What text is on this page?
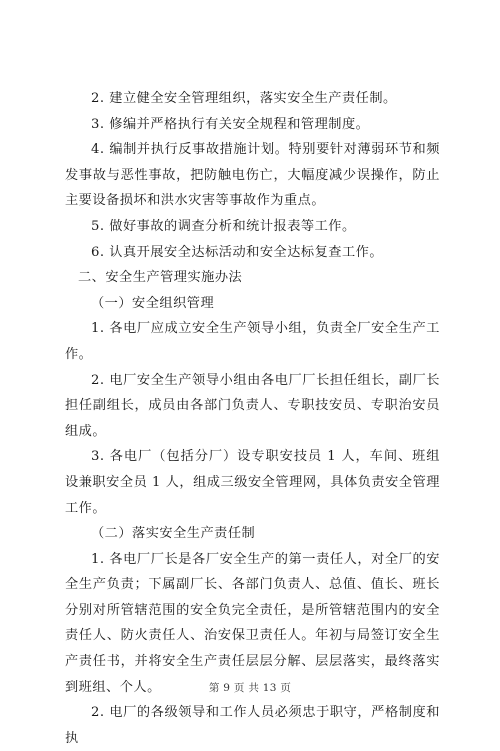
2. 建立健全安全管理组织，落实安全生产责任制。

3. 修编并严格执行有关安全规程和管理制度。

4. 编制并执行反事故措施计划。特别要针对薄弱环节和频发事故与恶性事故，把防触电伤亡，大幅度减少误操作，防止主要设备损坏和洪水灾害等事故作为重点。

5. 做好事故的调查分析和统计报表等工作。

6. 认真开展安全达标活动和安全达标复查工作。

二、安全生产管理实施办法

（一）安全组织管理

1. 各电厂应成立安全生产领导小组，负责全厂安全生产工作。

2. 电厂安全生产领导小组由各电厂厂长担任组长，副厂长担任副组长，成员由各部门负责人、专职技安员、专职治安员组成。

3. 各电厂（包括分厂）设专职安技员 1 人，车间、班组设兼职安全员 1 人，组成三级安全管理网，具体负责安全管理工作。

（二）落实安全生产责任制

1. 各电厂厂长是各厂安全生产的第一责任人，对全厂的安全生产负责；下属副厂长、各部门负责人、总值、值长、班长分别对所管辖范围的安全负完全责任，是所管辖范围内的安全责任人、防火责任人、治安保卫责任人。年初与局签订安全生产责任书，并将安全生产责任层层分解、层层落实，最终落实到班组、个人。

2. 电厂的各级领导和工作人员必须忠于职守，严格制度和执

第 9 页 共 13 页
